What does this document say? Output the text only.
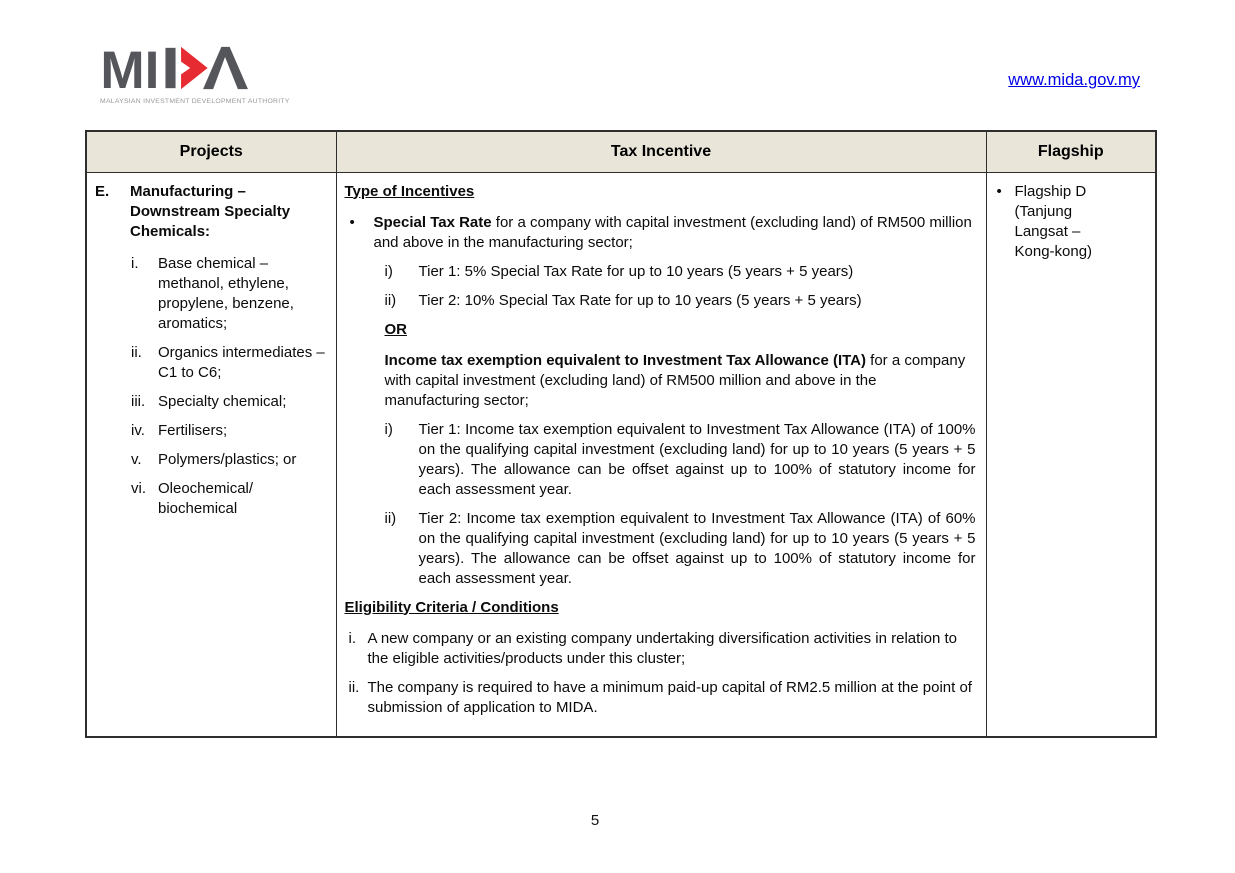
MI
MALAYSIAN INVESTMENT DEVELOPMENT AUTHORITY
www.mida.gov.my
Projects	Tax Incentive	Flagship

E.	Manufacturing – Downstream Specialty Chemicals:
i.	Base chemical – methanol, ethylene, propylene, benzene, aromatics;
ii.	Organics intermediates – C1 to C6;
iii. Specialty chemical;
iv. Fertilisers;
v.	Polymers/plastics; or
vi. Oleochemical/ biochemical

Type of Incentives
•	Special Tax Rate for a company with capital investment (excluding land) of RM500 million and above in the manufacturing sector;
i)	Tier 1: 5% Special Tax Rate for up to 10 years (5 years + 5 years)
ii)	Tier 2: 10% Special Tax Rate for up to 10 years (5 years + 5 years)
OR
Income tax exemption equivalent to Investment Tax Allowance (ITA) for a company with capital investment (excluding land) of RM500 million and above in the manufacturing sector;
i)	Tier 1: Income tax exemption equivalent to Investment Tax Allowance (ITA) of 100% on the qualifying capital investment (excluding land) for up to 10 years (5 years + 5 years). The allowance can be offset against up to 100% of statutory income for each assessment year.
ii)	Tier 2: Income tax exemption equivalent to Investment Tax Allowance (ITA) of 60% on the qualifying capital investment (excluding land) for up to 10 years (5 years + 5 years). The allowance can be offset against up to 100% of statutory income for each assessment year.
Eligibility Criteria / Conditions
i. A new company or an existing company undertaking diversification activities in relation to the eligible activities/products under this cluster;
ii. The company is required to have a minimum paid-up capital of RM2.5 million at the point of submission of application to MIDA.

• Flagship D (Tanjung Langsat – Kong-kong)
5
